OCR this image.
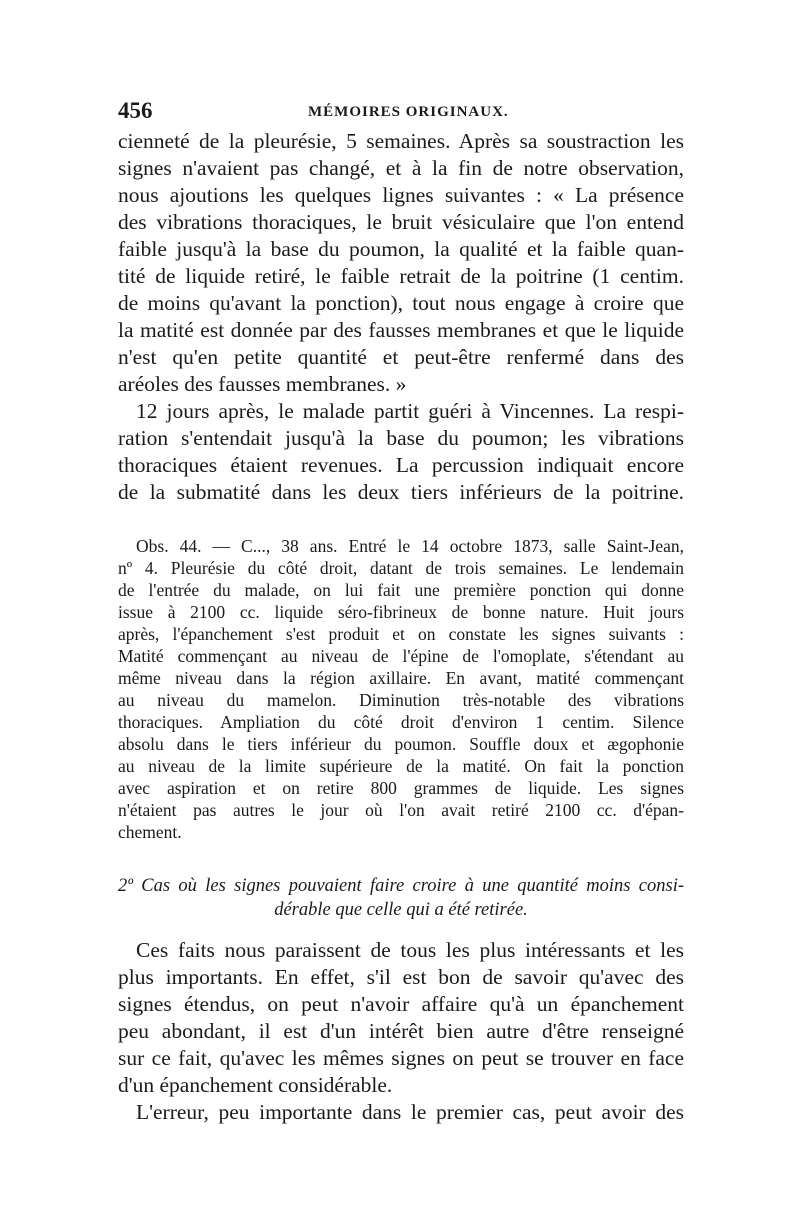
456	MÉMOIRES ORIGINAUX.
cienneté de la pleurésie, 5 semaines. Après sa soustraction les
signes n'avaient pas changé, et à la fin de notre observation,
nous ajoutions les quelques lignes suivantes : « La présence
des vibrations thoraciques, le bruit vésiculaire que l'on entend
faible jusqu'à la base du poumon, la qualité et la faible quan-
tité de liquide retiré, le faible retrait de la poitrine (1 centim.
de moins qu'avant la ponction), tout nous engage à croire que
la matité est donnée par des fausses membranes et que le liquide
n'est qu'en petite quantité et peut-être renfermé dans des
aréoles des fausses membranes. »
12 jours après, le malade partit guéri à Vincennes. La respi-
ration s'entendait jusqu'à la base du poumon; les vibrations
thoraciques étaient revenues. La percussion indiquait encore
de la submatité dans les deux tiers inférieurs de la poitrine.
Obs. 44. — C..., 38 ans. Entré le 14 octobre 1873, salle Saint-Jean,
nº 4. Pleurésie du côté droit, datant de trois semaines. Le lendemain
de l'entrée du malade, on lui fait une première ponction qui donne
issue à 2100 cc. liquide séro-fibrineux de bonne nature. Huit jours
après, l'épanchement s'est produit et on constate les signes suivants :
Matité commençant au niveau de l'épine de l'omoplate, s'étendant au
même niveau dans la région axillaire. En avant, matité commençant
au niveau du mamelon. Diminution très-notable des vibrations
thoraciques. Ampliation du côté droit d'environ 1 centim. Silence
absolu dans le tiers inférieur du poumon. Souffle doux et ægophonie
au niveau de la limite supérieure de la matité. On fait la ponction
avec aspiration et on retire 800 grammes de liquide. Les signes
n'étaient pas autres le jour où l'on avait retiré 2100 cc. d'épan-
chement.
2º Cas où les signes pouvaient faire croire à une quantité moins consi-
dérable que celle qui a été retirée.
Ces faits nous paraissent de tous les plus intéressants et les
plus importants. En effet, s'il est bon de savoir qu'avec des
signes étendus, on peut n'avoir affaire qu'à un épanchement
peu abondant, il est d'un intérêt bien autre d'être renseigné
sur ce fait, qu'avec les mêmes signes on peut se trouver en face
d'un épanchement considérable.
L'erreur, peu importante dans le premier cas, peut avoir des
